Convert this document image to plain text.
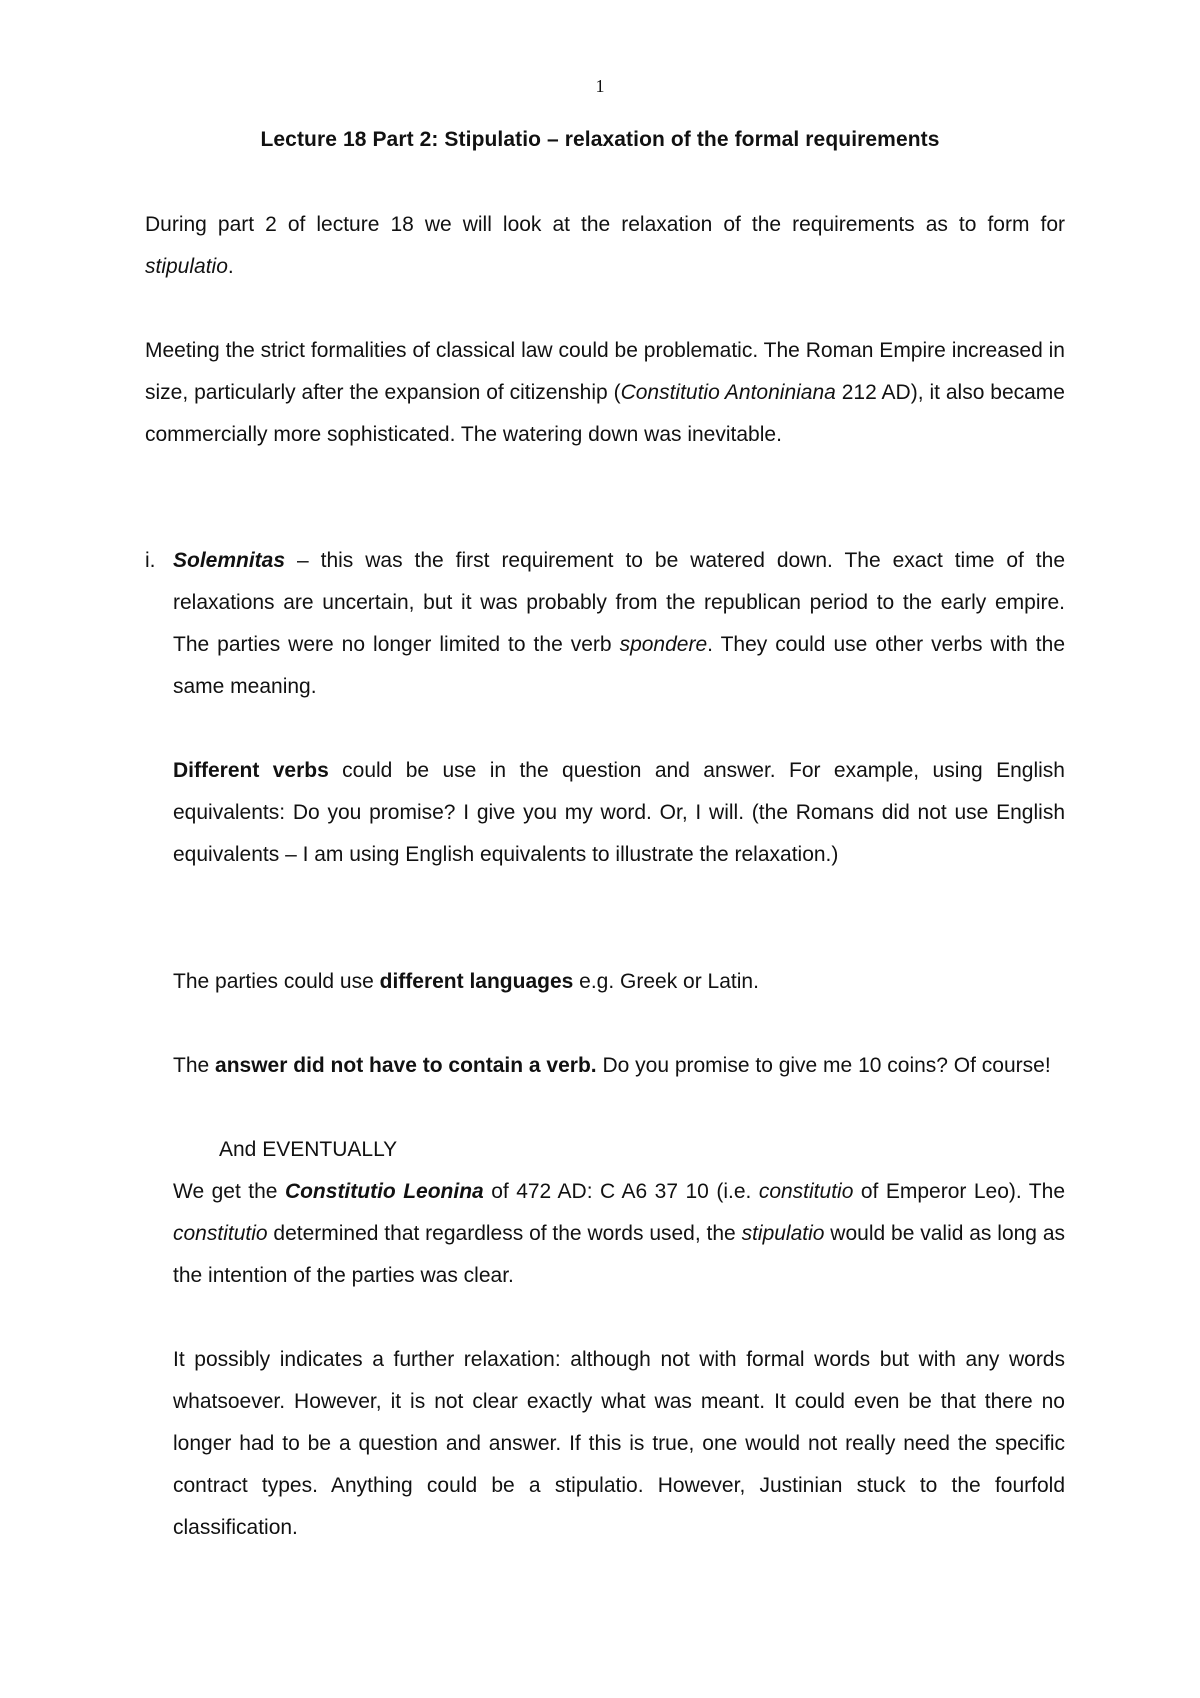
1
Lecture 18 Part 2: Stipulatio – relaxation of the formal requirements

During part 2 of lecture 18 we will look at the relaxation of the requirements as to form for stipulatio.

Meeting the strict formalities of classical law could be problematic. The Roman Empire increased in size, particularly after the expansion of citizenship (Constitutio Antoniniana 212 AD), it also became commercially more sophisticated. The watering down was inevitable.

i. Solemnitas – this was the first requirement to be watered down. The exact time of the relaxations are uncertain, but it was probably from the republican period to the early empire. The parties were no longer limited to the verb spondere. They could use other verbs with the same meaning.

Different verbs could be use in the question and answer. For example, using English equivalents: Do you promise? I give you my word. Or, I will. (the Romans did not use English equivalents – I am using English equivalents to illustrate the relaxation.)

The parties could use different languages e.g. Greek or Latin.

The answer did not have to contain a verb. Do you promise to give me 10 coins? Of course!

And EVENTUALLY

We get the Constitutio Leonina of 472 AD: C A6 37 10 (i.e. constitutio of Emperor Leo). The constitutio determined that regardless of the words used, the stipulatio would be valid as long as the intention of the parties was clear.

It possibly indicates a further relaxation: although not with formal words but with any words whatsoever. However, it is not clear exactly what was meant. It could even be that there no longer had to be a question and answer. If this is true, one would not really need the specific contract types. Anything could be a stipulatio. However, Justinian stuck to the fourfold classification.
